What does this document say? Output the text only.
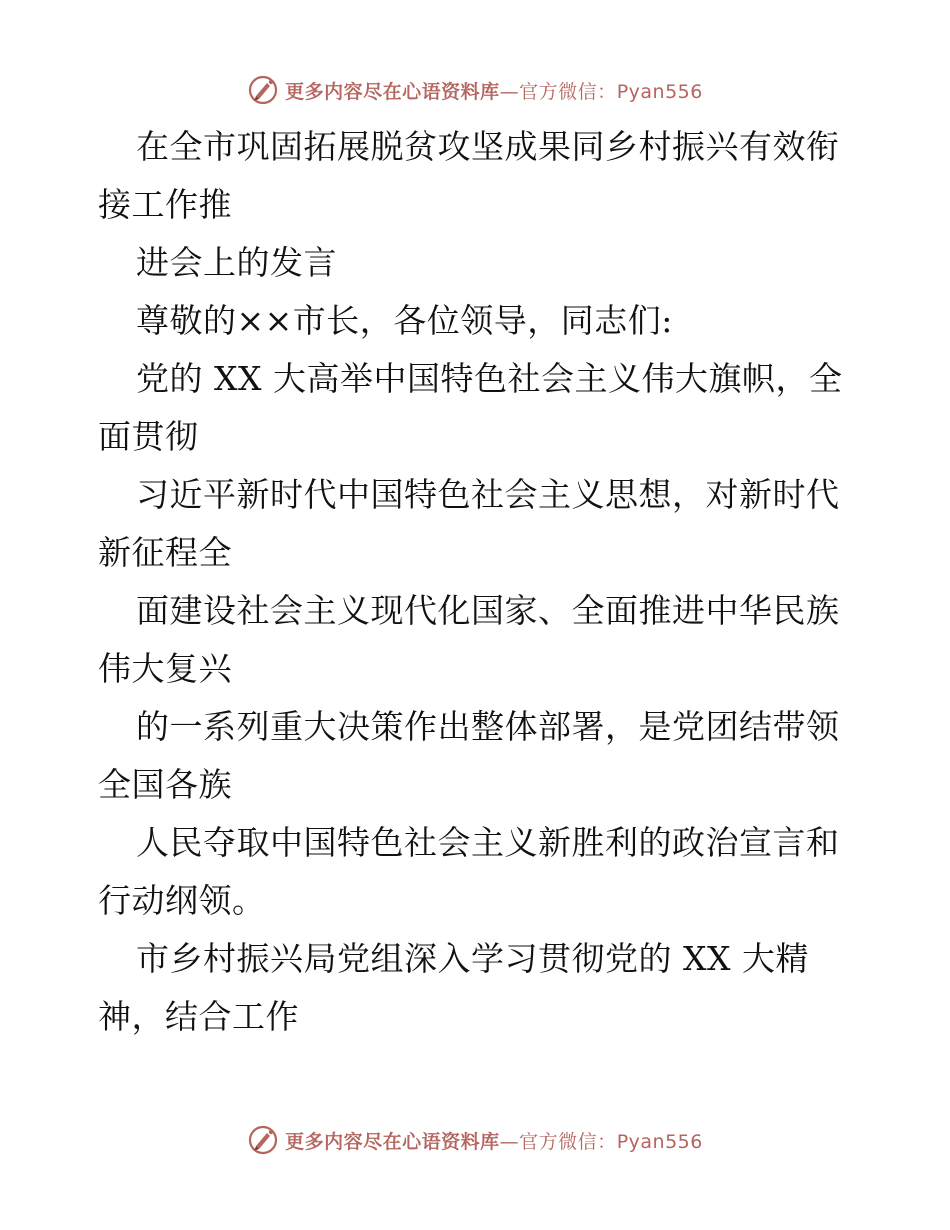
更多内容尽在心语资料库—官方微信：Pyan556
在全市巩固拓展脱贫攻坚成果同乡村振兴有效衔
接工作推
进会上的发言
尊敬的××市长，各位领导，同志们:
党的 XX 大高举中国特色社会主义伟大旗帜，全
面贯彻
习近平新时代中国特色社会主义思想，对新时代
新征程全
面建设社会主义现代化国家、全面推进中华民族
伟大复兴
的一系列重大决策作出整体部署，是党团结带领
全国各族
人民夺取中国特色社会主义新胜利的政治宣言和
行动纲领。
市乡村振兴局党组深入学习贯彻党的 XX 大精
神，结合工作
更多内容尽在心语资料库—官方微信：Pyan556
